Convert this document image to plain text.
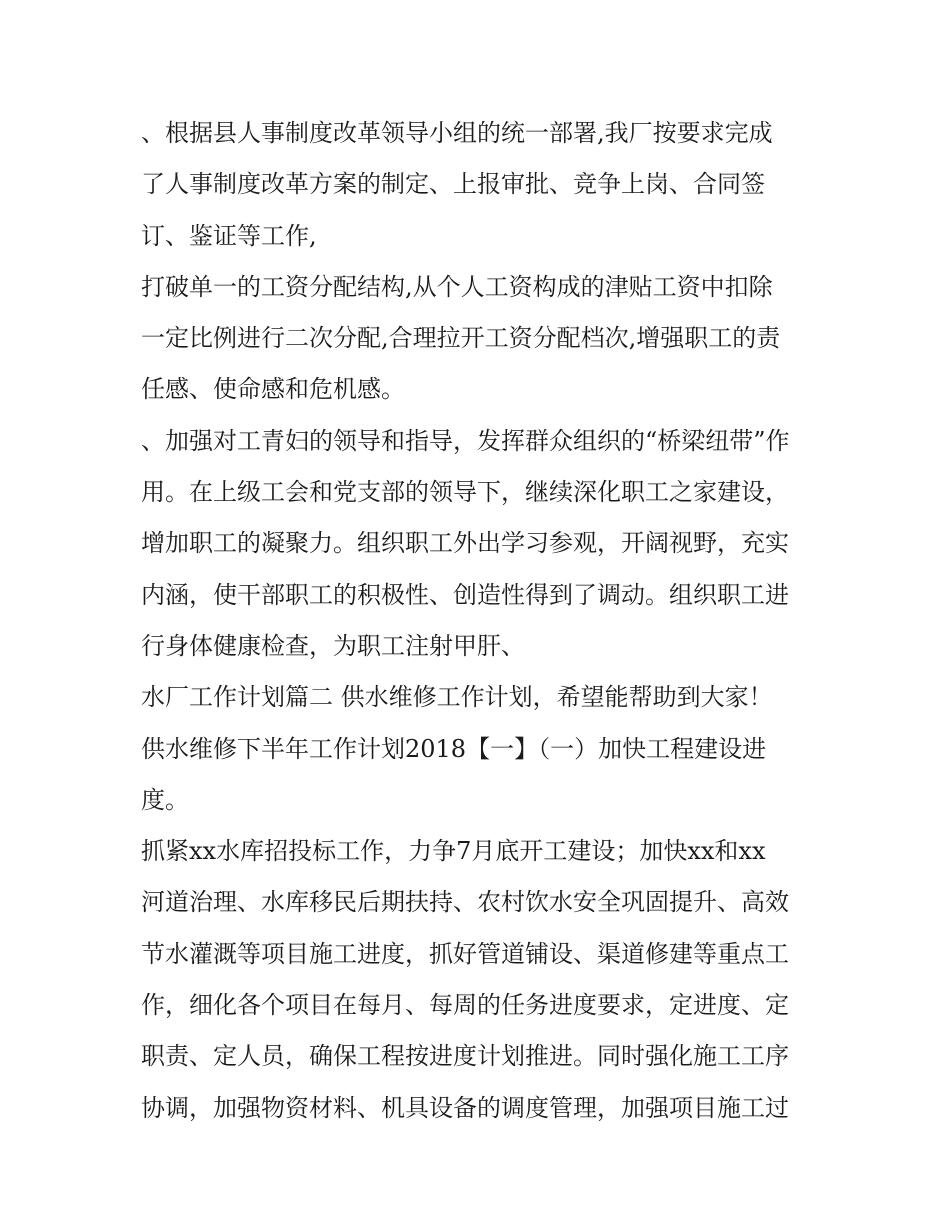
、根据县人事制度改革领导小组的统一部署,我厂按要求完成
了人事制度改革方案的制定、上报审批、竞争上岗、合同签
订、鉴证等工作,
打破单一的工资分配结构,从个人工资构成的津贴工资中扣除
一定比例进行二次分配,合理拉开工资分配档次,增强职工的责
任感、使命感和危机感。
、加强对工青妇的领导和指导，发挥群众组织的“桥梁纽带”作
用。在上级工会和党支部的领导下，继续深化职工之家建设，
增加职工的凝聚力。组织职工外出学习参观，开阔视野，充实
内涵，使干部职工的积极性、创造性得到了调动。组织职工进
行身体健康检查，为职工注射甲肝、
水厂工作计划篇二 供水维修工作计划，希望能帮助到大家！
供水维修下半年工作计划2018【一】（一）加快工程建设进
度。
抓紧xx水库招投标工作，力争7月底开工建设；加快xx和xx
河道治理、水库移民后期扶持、农村饮水安全巩固提升、高效
节水灌溉等项目施工进度，抓好管道铺设、渠道修建等重点工
作，细化各个项目在每月、每周的任务进度要求，定进度、定
职责、定人员，确保工程按进度计划推进。同时强化施工工序
协调，加强物资材料、机具设备的调度管理，加强项目施工过
